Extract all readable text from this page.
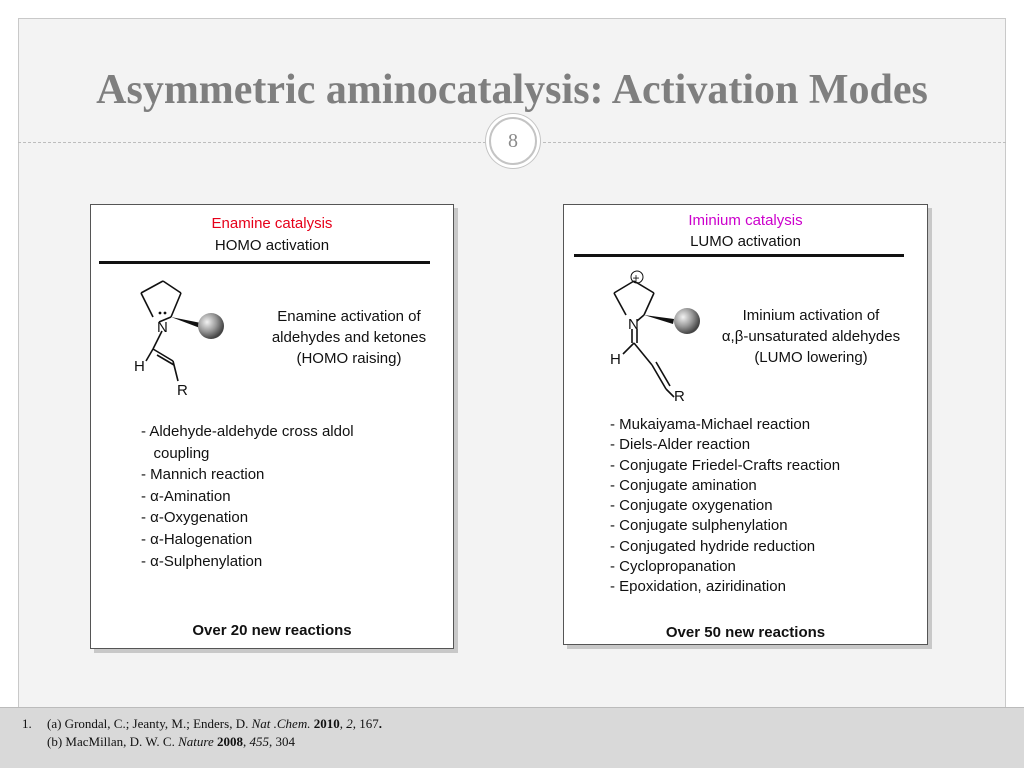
Asymmetric aminocatalysis: Activation Modes
8
Enamine catalysis
HOMO activation
N
H
R
Enamine activation of
aldehydes and ketones
(HOMO raising)
- Aldehyde-aldehyde cross aldol
coupling
- Mannich reaction
- α-Amination
- α-Oxygenation
- α-Halogenation
- α-Sulphenylation
Over 20 new reactions
Iminium catalysis
LUMO activation
+
N
H
R
Iminium activation of
α,β-unsaturated aldehydes
(LUMO lowering)
- Mukaiyama-Michael reaction
- Diels-Alder reaction
- Conjugate Friedel-Crafts reaction
- Conjugate amination
- Conjugate oxygenation
- Conjugate sulphenylation
- Conjugated hydride reduction
- Cyclopropanation
- Epoxidation, aziridination
Over 50 new reactions
1. (a) Grondal, C.; Jeanty, M.; Enders, D. Nat .Chem. 2010, 2, 167.
(b) MacMillan, D. W. C. Nature 2008, 455, 304
